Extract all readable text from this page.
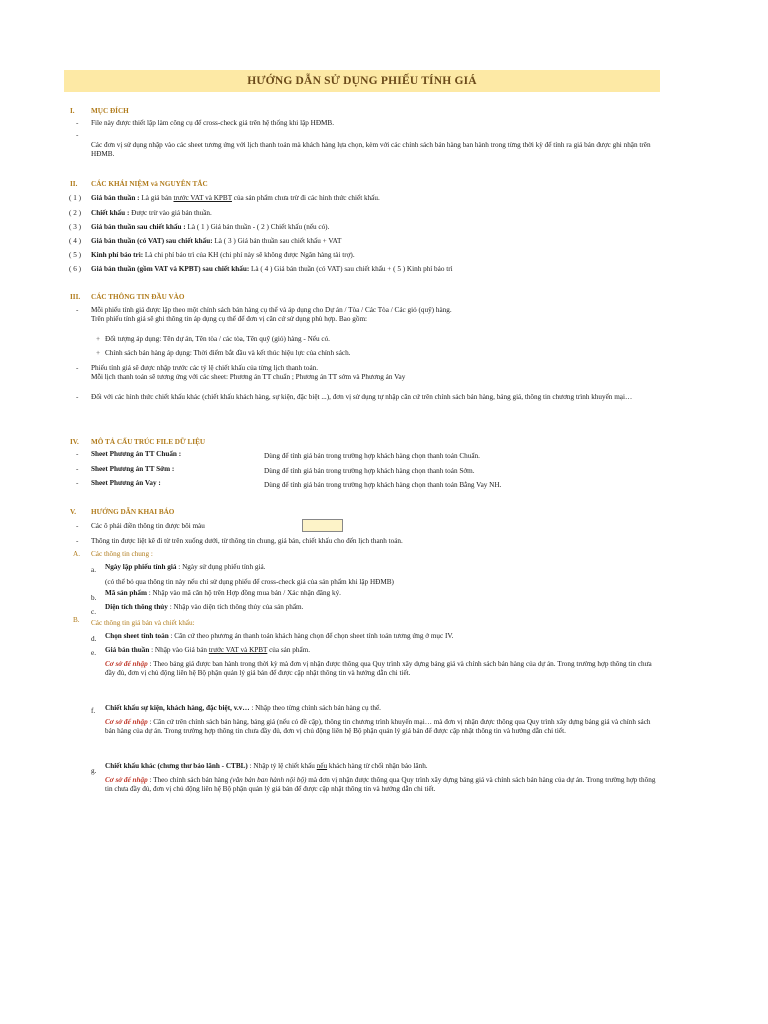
HƯỚNG DẪN SỬ DỤNG PHIẾU TÍNH GIÁ
I. MỤC ĐÍCH
- File này được thiết lập làm công cụ để cross-check giá trên hệ thống khi lập HĐMB.
-
Các đơn vị sử dụng nhập vào các sheet tương ứng với lịch thanh toán mà khách hàng lựa chọn, kèm với các chính sách bán hàng ban hành trong từng thời kỳ để tính ra giá bán được ghi nhận trên HĐMB.
II. CÁC KHÁI NIỆM và NGUYÊN TẮC
( 1 ) Giá bán thuần : Là giá bán trước VAT và KPBT của sản phẩm chưa trừ đi các hình thức chiết khấu.
( 2 ) Chiết khấu : Được trừ vào giá bán thuần.
( 3 ) Giá bán thuần sau chiết khấu : Là ( 1 ) Giá bán thuần - ( 2 ) Chiết khấu (nếu có).
( 4 ) Giá bán thuần (có VAT) sau chiết khấu: Là ( 3 ) Giá bán thuần sau chiết khấu + VAT
( 5 ) Kinh phí bảo trì: Là chi phí bảo trì của KH (chi phí này sẽ không được Ngân hàng tài trợ).
( 6 ) Giá bán thuần (gồm VAT và KPBT) sau chiết khấu: Là ( 4 ) Giá bán thuần (có VAT) sau chiết khấu + ( 5 ) Kinh phí bảo trì
III. CÁC THÔNG TIN ĐẦU VÀO
- Mỗi phiếu tính giá được lập theo một chính sách bán hàng cụ thể và áp dụng cho Dự án / Tòa / Các Tòa / Các giỏ (quỹ) hàng.
Trên phiếu tính giá sẽ ghi thông tin áp dụng cụ thể để đơn vị căn cứ sử dụng phù hợp. Bao gồm:
+ Đối tượng áp dụng: Tên dự án, Tên tòa / các tòa, Tên quỹ (giỏ) hàng - Nếu có.
+ Chính sách bán hàng áp dụng: Thời điểm bắt đầu và kết thúc hiệu lực của chính sách.
- Phiếu tính giá sẽ được nhập trước các tỷ lệ chiết khấu của từng lịch thanh toán.
Mỗi lịch thanh toán sẽ tương ứng với các sheet: Phương án TT chuẩn ; Phương án TT sớm và Phương án Vay
- Đối với các hình thức chiết khấu khác (chiết khấu khách hàng, sự kiện, đặc biệt ...), đơn vị sử dụng tự nhập căn cứ trên chính sách bán hàng, bảng giá, thông tin chương trình khuyến mại…
IV. MÔ TẢ CẤU TRÚC FILE DỮ LIỆU
- Sheet Phương án TT Chuẩn :	Dùng để tính giá bán trong trường hợp khách hàng chọn thanh toán Chuẩn.
- Sheet Phương án TT Sớm :	Dùng để tính giá bán trong trường hợp khách hàng chọn thanh toán Sớm.
- Sheet Phương án Vay :	Dùng để tính giá bán trong trường hợp khách hàng chọn thanh toán Bằng Vay NH.
V. HƯỚNG DẪN KHAI BÁO
- Các ô phải điền thông tin được bôi màu
- Thông tin được liệt kê đi từ trên xuống dưới, từ thông tin chung, giá bán, chiết khấu cho đến lịch thanh toán.
A. Các thông tin chung :
a. Ngày lập phiếu tính giá : Ngày sử dụng phiếu tính giá.
(có thể bỏ qua thông tin này nếu chỉ sử dụng phiếu để cross-check giá của sản phẩm khi lập HĐMB)
b.
Mã sản phẩm : Nhập vào mã căn hộ trên Hợp đồng mua bán / Xác nhận đăng ký.
c.
Diện tích thông thủy : Nhập vào diện tích thông thủy của sản phẩm.
B. Các thông tin giá bán và chiết khấu:
d. Chọn sheet tính toán : Căn cứ theo phương án thanh toán khách hàng chọn để chọn sheet tính toán tương ứng ở mục IV.
e. Giá bán thuần : Nhập vào Giá bán trước VAT và KPBT của sản phẩm.
Cơ sở để nhập : Theo bảng giá được ban hành trong thời kỳ mà đơn vị nhận được thông qua Quy trình xây dựng bảng giá và chính sách bán hàng của dự án. Trong trường hợp thông tin chưa đầy đủ, đơn vị chủ động liên hệ Bộ phận quản lý giá bán để được cập nhật thông tin và hướng dẫn chi tiết.
f. Chiết khấu sự kiện, khách hàng, đặc biệt, v.v… : Nhập theo từng chính sách bán hàng cụ thể.
Cơ sở để nhập : Căn cứ trên chính sách bán hàng, bảng giá (nếu có đề cập), thông tin chương trình khuyến mại… mà đơn vị nhận được thông qua Quy trình xây dựng bảng giá và chính sách bán hàng của dự án. Trong trường hợp thông tin chưa đầy đủ, đơn vị chủ động liên hệ Bộ phận quản lý giá bán để được cập nhật thông tin và hướng dẫn chi tiết.
g.
Chiết khấu khác (chưng thư bảo lãnh - CTBL) : Nhập tỷ lệ chiết khấu nếu khách hàng từ chối nhận bảo lãnh.
Cơ sở để nhập : Theo chính sách bán hàng (văn bản ban hành nội bộ) mà đơn vị nhận được thông qua Quy trình xây dựng bảng giá và chính sách bán hàng của dự án. Trong trường hợp thông tin chưa đầy đủ, đơn vị chủ động liên hệ Bộ phận quản lý giá bán để được cập nhật thông tin và hướng dẫn chi tiết.
